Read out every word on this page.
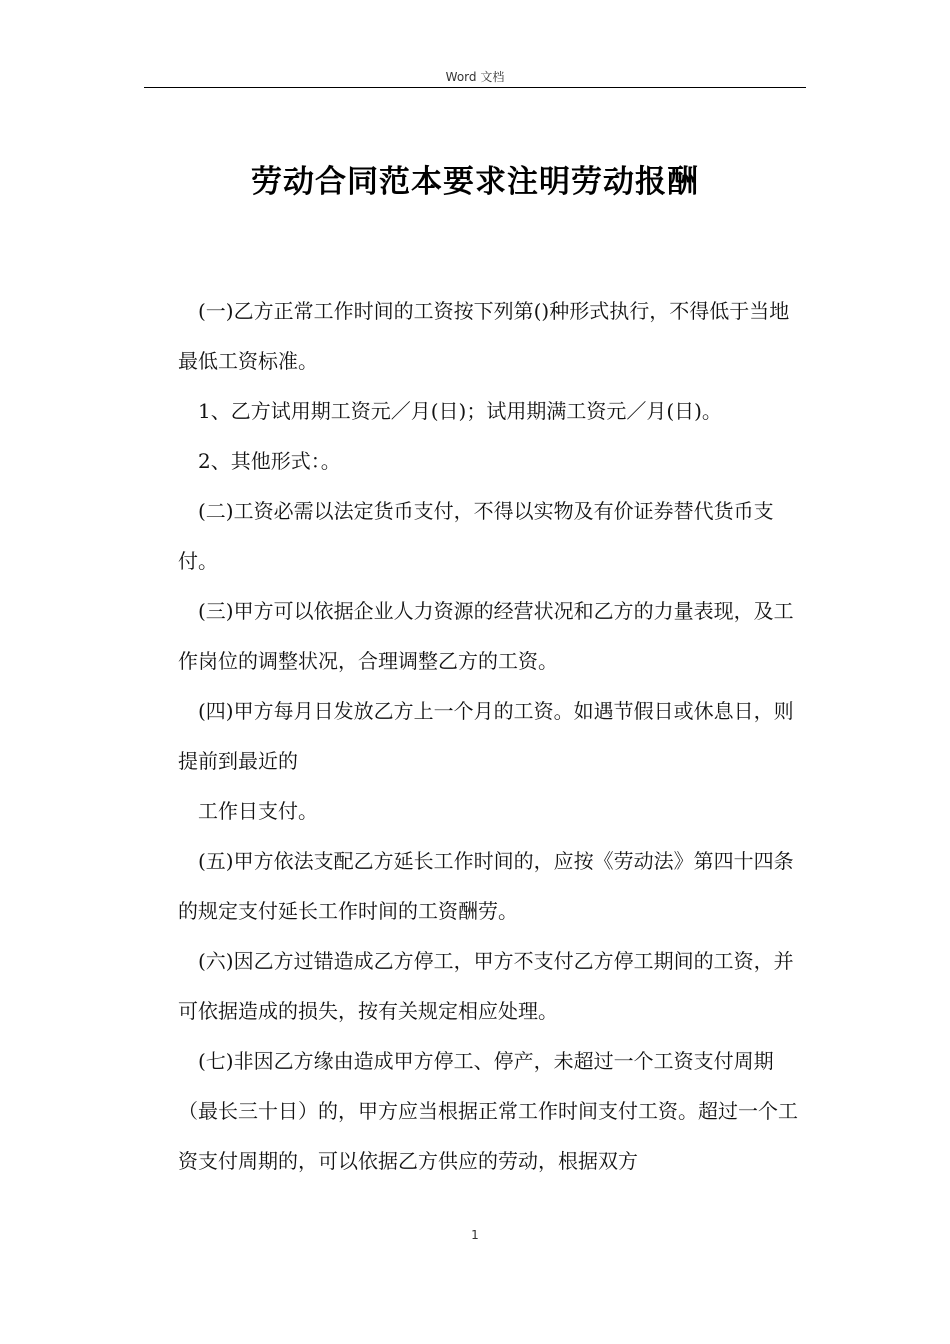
Word 文档
劳动合同范本要求注明劳动报酬

(一)乙方正常工作时间的工资按下列第()种形式执行，不得低于当地最低工资标准。

1、乙方试用期工资元／月(日)；试用期满工资元／月(日)。

2、其他形式：。

(二)工资必需以法定货币支付，不得以实物及有价证券替代货币支付。

(三)甲方可以依据企业人力资源的经营状况和乙方的力量表现，及工作岗位的调整状况，合理调整乙方的工资。

(四)甲方每月日发放乙方上一个月的工资。如遇节假日或休息日，则提前到最近的

工作日支付。

(五)甲方依法支配乙方延长工作时间的，应按《劳动法》第四十四条的规定支付延长工作时间的工资酬劳。

(六)因乙方过错造成乙方停工，甲方不支付乙方停工期间的工资，并可依据造成的损失，按有关规定相应处理。

(七)非因乙方缘由造成甲方停工、停产，未超过一个工资支付周期（最长三十日）的，甲方应当根据正常工作时间支付工资。超过一个工资支付周期的，可以依据乙方供应的劳动，根据双方

1
